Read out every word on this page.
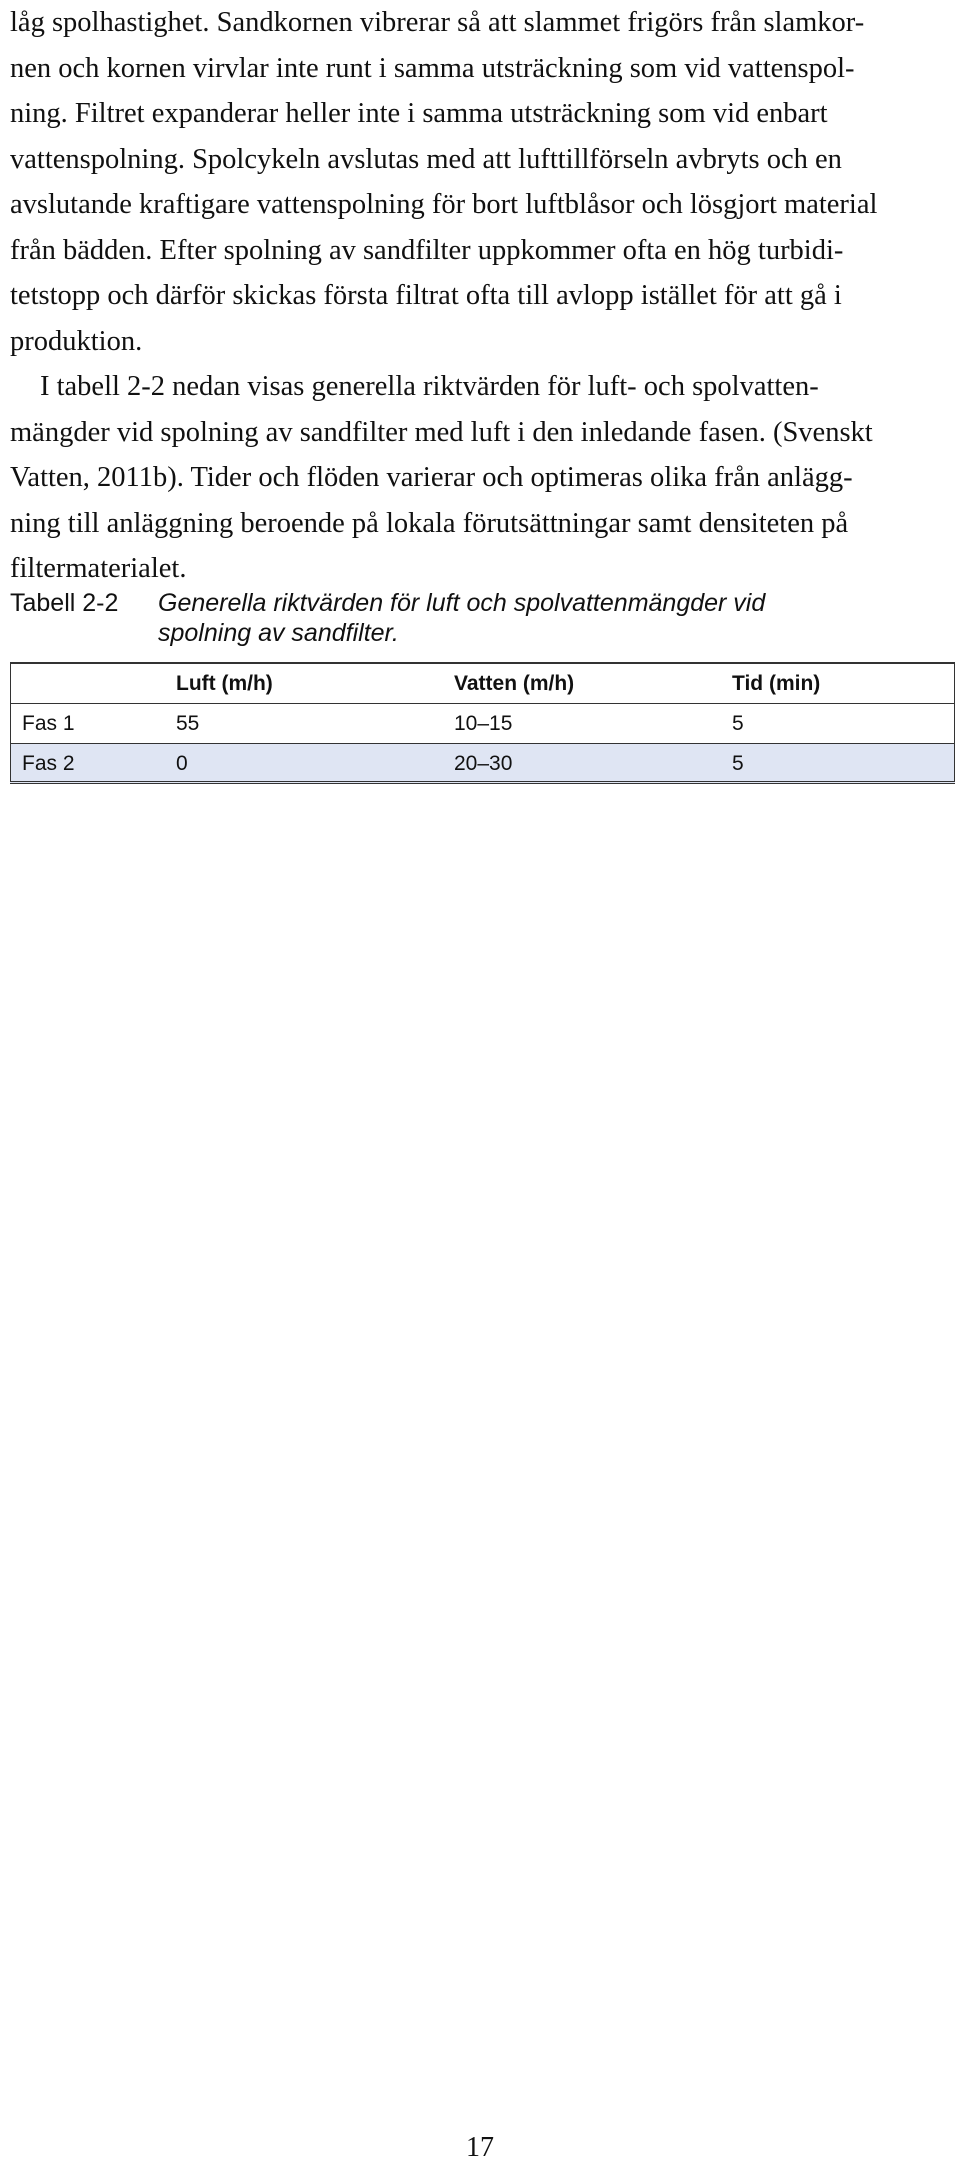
låg spolhastighet. Sandkornen vibrerar så att slammet frigörs från slamkor-
nen och kornen virvlar inte runt i samma utsträckning som vid vattenspol-
ning. Filtret expanderar heller inte i samma utsträckning som vid enbart
vattenspolning. Spolcykeln avslutas med att lufttillförseln avbryts och en
avslutande kraftigare vattenspolning för bort luftblåsor och lösgjort material
från bädden. Efter spolning av sandfilter uppkommer ofta en hög turbidi-
tetstopp och därför skickas första filtrat ofta till avlopp istället för att gå i
produktion.

I tabell 2-2 nedan visas generella riktvärden för luft- och spolvatten-
mängder vid spolning av sandfilter med luft i den inledande fasen. (Svenskt
Vatten, 2011b). Tider och flöden varierar och optimeras olika från anlägg-
ning till anläggning beroende på lokala förutsättningar samt densiteten på
filtermaterialet.

Tabell 2-2	Generella riktvärden för luft och spolvattenmängder vid spolning av sandfilter.
	Luft (m/h)	Vatten (m/h)	Tid (min)
Fas 1	55	10–15	5
Fas 2	0	20–30	5
17
